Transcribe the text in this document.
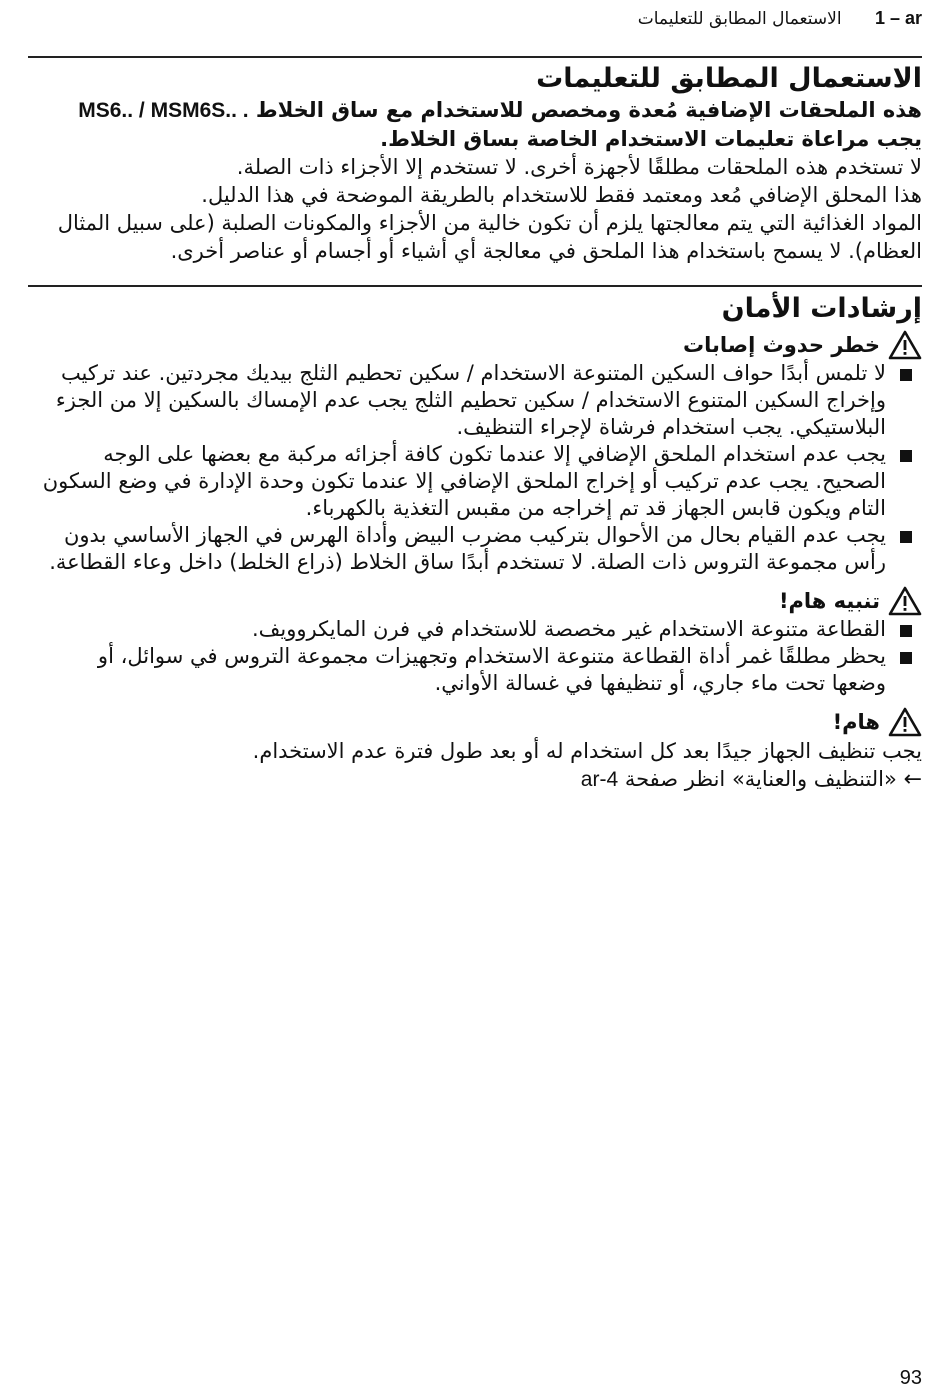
1 – ar الاستعمال المطابق للتعليمات
الاستعمال المطابق للتعليمات

هذه الملحقات الإضافية مُعدة ومخصص للاستخدام مع ساق الخلاط MS6.. / MSM6S.. .

يجب مراعاة تعليمات الاستخدام الخاصة بساق الخلاط.

لا تستخدم هذه الملحقات مطلقًا لأجهزة أخرى. لا تستخدم إلا الأجزاء ذات الصلة.

هذا المحلق الإضافي مُعد ومعتمد فقط للاستخدام بالطريقة الموضحة في هذا الدليل.

المواد الغذائية التي يتم معالجتها يلزم أن تكون خالية من الأجزاء والمكونات الصلبة (على سبيل المثال العظام). لا يسمح باستخدام هذا الملحق في معالجة أي أشياء أو أجسام أو عناصر أخرى.

إرشادات الأمان
خطر حدوث إصابات
لا تلمس أبدًا حواف السكين المتنوعة الاستخدام / سكين تحطيم الثلج بيديك مجردتين. عند تركيب وإخراج السكين المتنوع الاستخدام / سكين تحطيم الثلج يجب عدم الإمساك بالسكين إلا من الجزء البلاستيكي. يجب استخدام فرشاة لإجراء التنظيف.
يجب عدم استخدام الملحق الإضافي إلا عندما تكون كافة أجزائه مركبة مع بعضها على الوجه الصحيح. يجب عدم تركيب أو إخراج الملحق الإضافي إلا عندما تكون وحدة الإدارة في وضع السكون التام ويكون قابس الجهاز قد تم إخراجه من مقبس التغذية بالكهرباء.
يجب عدم القيام بحال من الأحوال بتركيب مضرب البيض وأداة الهرس في الجهاز الأساسي بدون رأس مجموعة التروس ذات الصلة. لا تستخدم أبدًا ساق الخلاط (ذراع الخلط) داخل وعاء القطاعة.
تنبيه هام!
القطاعة متنوعة الاستخدام غير مخصصة للاستخدام في فرن المايكروويف.
يحظر مطلقًا غمر أداة القطاعة متنوعة الاستخدام وتجهيزات مجموعة التروس في سوائل، أو وضعها تحت ماء جاري، أو تنظيفها في غسالة الأواني.
هام!

يجب تنظيف الجهاز جيدًا بعد كل استخدام له أو بعد طول فترة عدم الاستخدام.

← «التنظيف والعناية» انظر صفحة ar-4
93
